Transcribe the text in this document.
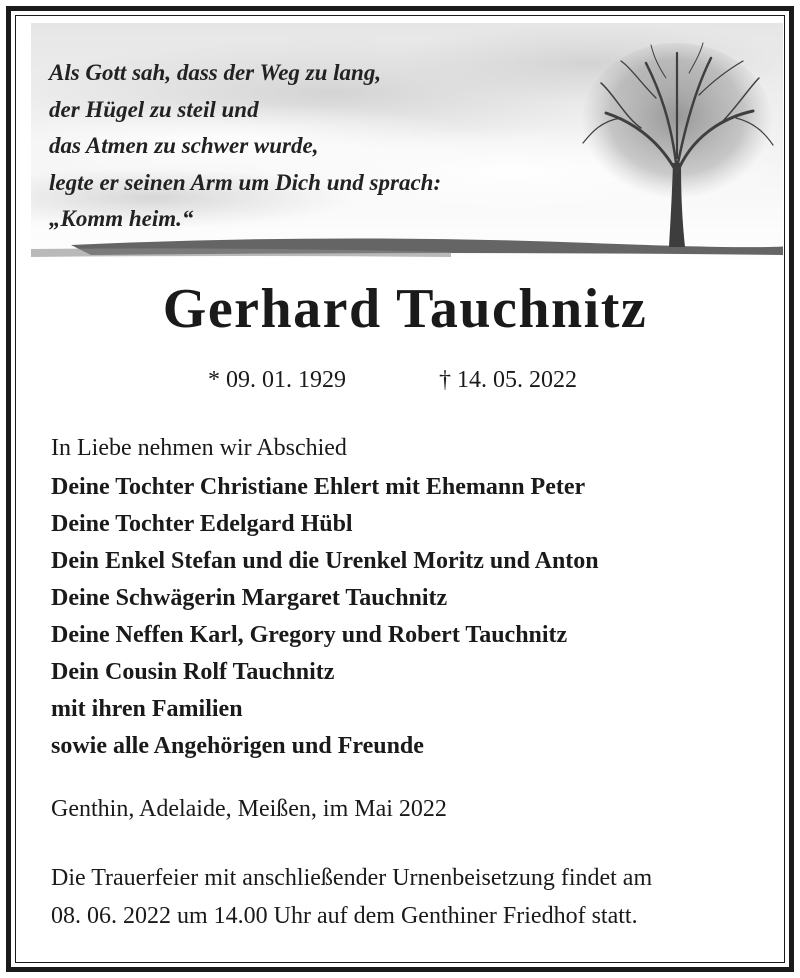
Als Gott sah, dass der Weg zu lang,
der Hügel zu steil und
das Atmen zu schwer wurde,
legte er seinen Arm um Dich und sprach:
„Komm heim.“
Gerhard Tauchnitz
* 09. 01. 1929	† 14. 05. 2022
In Liebe nehmen wir Abschied
Deine Tochter Christiane Ehlert mit Ehemann Peter
Deine Tochter Edelgard Hübl
Dein Enkel Stefan und die Urenkel Moritz und Anton
Deine Schwägerin Margaret Tauchnitz
Deine Neffen Karl, Gregory und Robert Tauchnitz
Dein Cousin Rolf Tauchnitz
mit ihren Familien
sowie alle Angehörigen und Freunde
Genthin, Adelaide, Meißen, im Mai 2022
Die Trauerfeier mit anschließender Urnenbeisetzung findet am
08. 06. 2022 um 14.00 Uhr auf dem Genthiner Friedhof statt.
